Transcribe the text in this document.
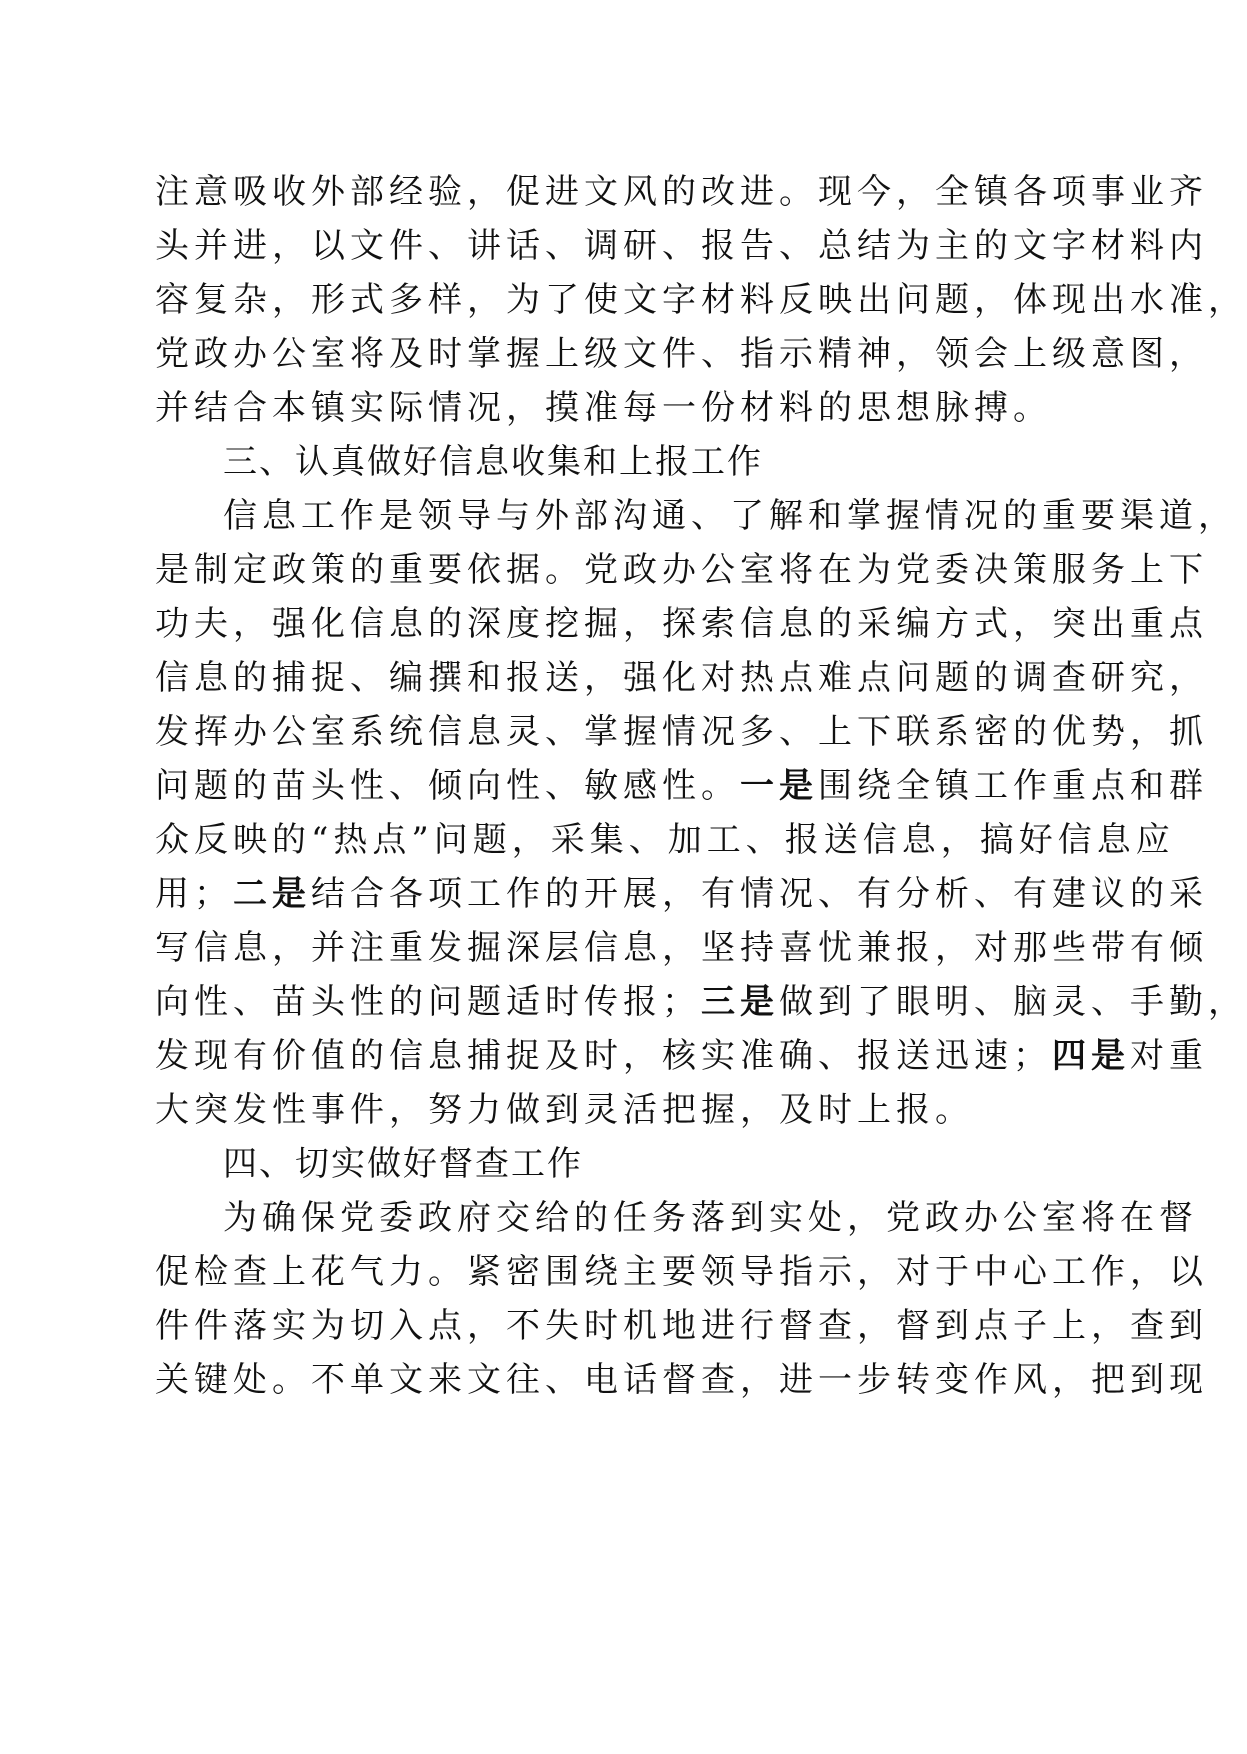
注意吸收外部经验，促进文风的改进。现今，全镇各项事业齐
头并进，以文件、讲话、调研、报告、总结为主的文字材料内
容复杂，形式多样，为了使文字材料反映出问题，体现出水准，
党政办公室将及时掌握上级文件、指示精神，领会上级意图，
并结合本镇实际情况，摸准每一份材料的思想脉搏。
三、认真做好信息收集和上报工作
信息工作是领导与外部沟通、了解和掌握情况的重要渠道，
是制定政策的重要依据。党政办公室将在为党委决策服务上下
功夫，强化信息的深度挖掘，探索信息的采编方式，突出重点
信息的捕捉、编撰和报送，强化对热点难点问题的调查研究，
发挥办公室系统信息灵、掌握情况多、上下联系密的优势，抓
问题的苗头性、倾向性、敏感性。一是围绕全镇工作重点和群
众反映的“热点”问题，采集、加工、报送信息，搞好信息应
用；二是结合各项工作的开展，有情况、有分析、有建议的采
写信息，并注重发掘深层信息，坚持喜忧兼报，对那些带有倾
向性、苗头性的问题适时传报；三是做到了眼明、脑灵、手勤，
发现有价值的信息捕捉及时，核实准确、报送迅速；四是对重
大突发性事件，努力做到灵活把握，及时上报。
四、切实做好督查工作
为确保党委政府交给的任务落到实处，党政办公室将在督
促检查上花气力。紧密围绕主要领导指示，对于中心工作，以
件件落实为切入点，不失时机地进行督查，督到点子上，查到
关键处。不单文来文往、电话督查，进一步转变作风，把到现
